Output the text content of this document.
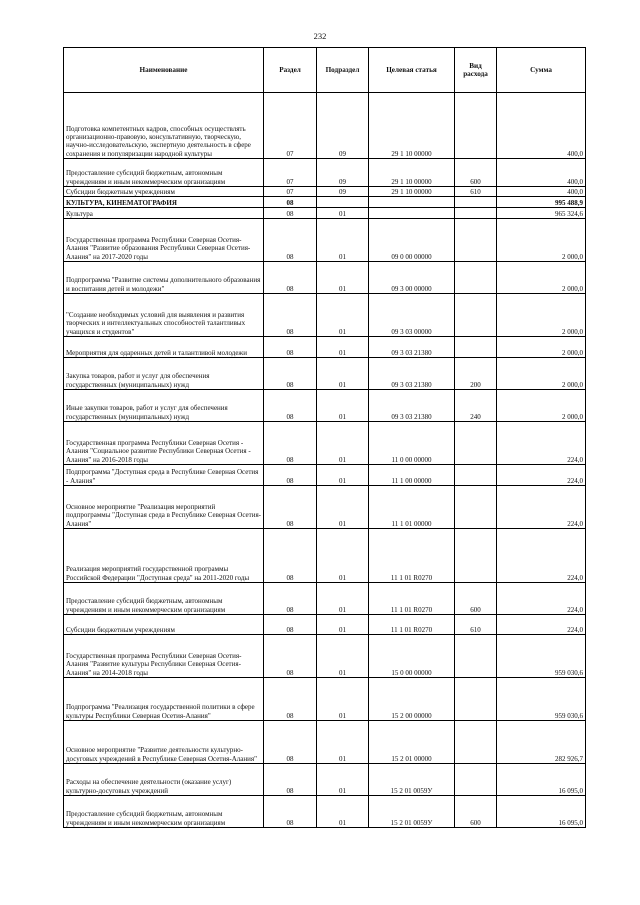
232
Наименование	Раздел	Подраздел	Целевая статья	Вид расхода	Сумма
Подготовка компетентных кадров, способных осуществлять организационно-правовую, консультативную, творческую, научно-исследовательскую, экспертную деятельность в сфере сохранения и популяризации народной культуры	07	09	29 1 10 00000		400,0
Предоставление субсидий бюджетным, автономным учреждениям и иным некоммерческим организациям	07	09	29 1 10 00000	600	400,0
Субсидии бюджетным учреждениям	07	09	29 1 10 00000	610	400,0
КУЛЬТУРА, КИНЕМАТОГРАФИЯ	08				995 488,9
Культура	08	01			965 324,6
Государственная программа Республики Северная Осетия-Алания "Развитие образования Республики Северная Осетия-Алания" на 2017-2020 годы	08	01	09 0 00 00000		2 000,0
Подпрограмма "Развитие системы дополнительного образования и воспитания детей и молодежи"	08	01	09 3 00 00000		2 000,0
"Создание необходимых условий для выявления и развития творческих и интеллектуальных способностей талантливых учащихся и студентов"	08	01	09 3 03 00000		2 000,0
Мероприятия для одаренных детей и талантливой молодежи	08	01	09 3 03 21380		2 000,0
Закупка товаров, работ и услуг для обеспечения государственных (муниципальных) нужд	08	01	09 3 03 21380	200	2 000,0
Иные закупки товаров, работ и услуг для обеспечения государственных (муниципальных) нужд	08	01	09 3 03 21380	240	2 000,0
Государственная программа Республики Северная Осетия - Алания "Социальное развитие Республики Северная Осетия - Алания" на 2016-2018 годы	08	01	11 0 00 00000		224,0
Подпрограмма "Доступная среда в Республике Северная Осетия - Алания"	08	01	11 1 00 00000		224,0
Основное мероприятие "Реализация мероприятий подпрограммы "Доступная среда в Республике Северная Осетия-Алания"	08	01	11 1 01 00000		224,0
Реализация мероприятий государственной программы Российской Федерации "Доступная среда" на 2011-2020 годы	08	01	11 1 01 R0270		224,0
Предоставление субсидий бюджетным, автономным учреждениям и иным некоммерческим организациям	08	01	11 1 01 R0270	600	224,0
Субсидии бюджетным учреждениям	08	01	11 1 01 R0270	610	224,0
Государственная программа Республики Северная Осетия-Алания "Развитие культуры Республики Северная Осетия-Алания" на 2014-2018 годы	08	01	15 0 00 00000		959 030,6
Подпрограмма "Реализация государственной политики в сфере культуры Республики Северная Осетия-Алания"	08	01	15 2 00 00000		959 030,6
Основное мероприятие "Развитие деятельности культурно-досуговых учреждений в Республике Северная Осетия-Алания"	08	01	15 2 01 00000		282 926,7
Расходы на обеспечение деятельности (оказание услуг) культурно-досуговых учреждений	08	01	15 2 01 0059У		16 095,0
Предоставление субсидий бюджетным, автономным учреждениям и иным некоммерческим организациям	08	01	15 2 01 0059У	600	16 095,0
